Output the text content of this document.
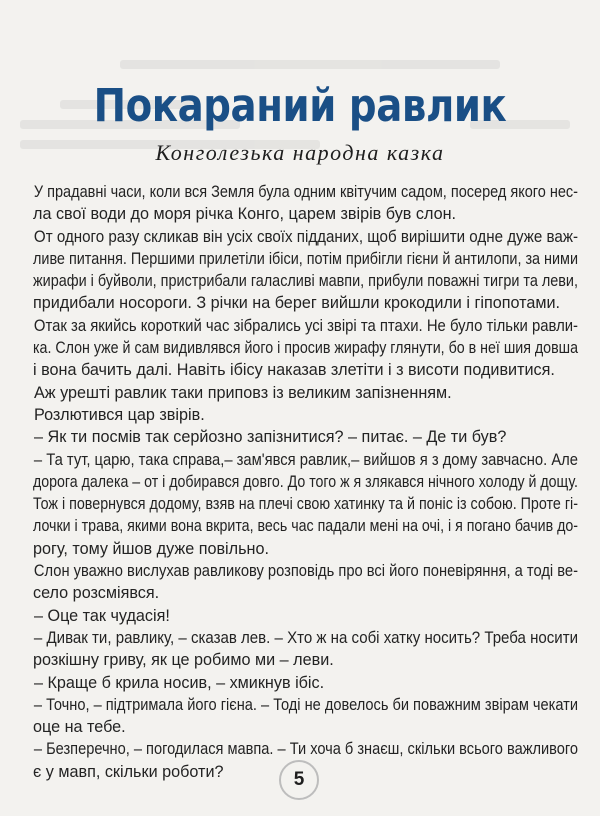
Покараний равлик
Конголезька народна казка
У прадавні часи, коли вся Земля була одним квітучим садом, посеред якого нес-
ла свої води до моря річка Конго, царем звірів був слон.
От одного разу скликав він усіх своїх підданих, щоб вирішити одне дуже важ-
ливе питання. Першими прилетіли ібіси, потім прибігли гієни й антилопи, за ними
жирафи і буйволи, пристрибали галасливі мавпи, прибули поважні тигри та леви,
придибали носороги. З річки на берег вийшли крокодили і гіпопотами.
Отак за якийсь короткий час зібрались усі звірі та птахи. Не було тільки равли-
ка. Слон уже й сам видивлявся його і просив жирафу глянути, бо в неї шия довша
і вона бачить далі. Навіть ібісу наказав злетіти і з висоти подивитися.
Аж урешті равлик таки приповз із великим запізненням.
Розлютився цар звірів.
– Як ти посмів так серйозно запізнитися? – питає. – Де ти був?
– Та тут, царю, така справа,– зам'явся равлик,– вийшов я з дому завчасно. Але
дорога далека – от і добирався довго. До того ж я злякався нічного холоду й дощу.
Тож і повернувся додому, взяв на плечі свою хатинку та й поніс із собою. Проте гі-
лочки і трава, якими вона вкрита, весь час падали мені на очі, і я погано бачив до-
рогу, тому йшов дуже повільно.
Слон уважно вислухав равликову розповідь про всі його поневіряння, а тоді ве-
село розсміявся.
– Оце так чудасія!
– Дивак ти, равлику, – сказав лев. – Хто ж на собі хатку носить? Треба носити
розкішну гриву, як це робимо ми – леви.
– Краще б крила носив, – хмикнув ібіс.
– Точно, – підтримала його гієна. – Тоді не довелось би поважним звірам чекати
оце на тебе.
– Безперечно, – погодилася мавпа. – Ти хоча б знаєш, скільки всього важливого
є у мавп, скільки роботи?	5
